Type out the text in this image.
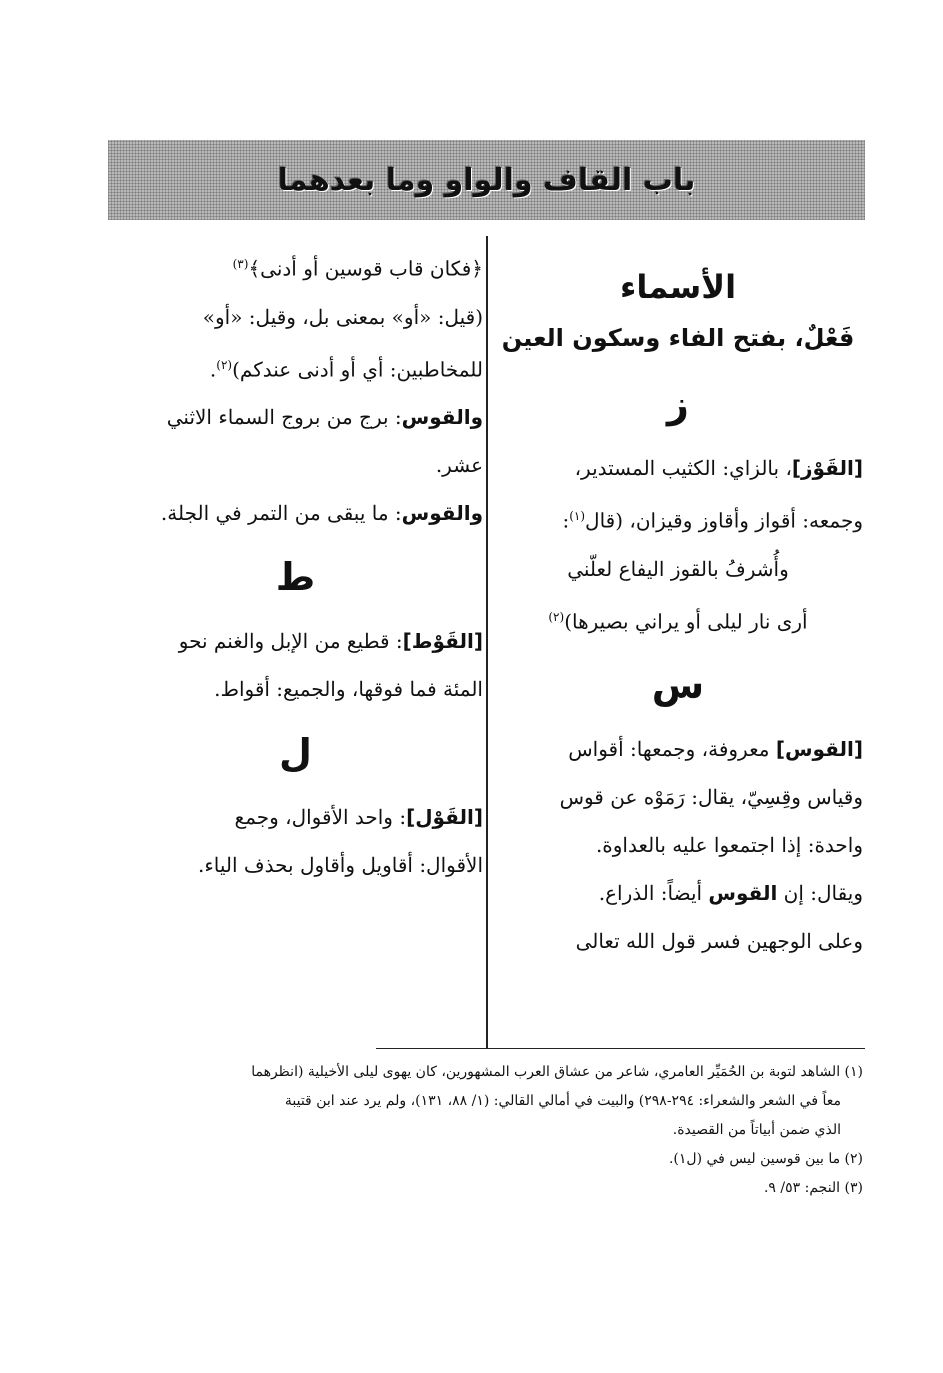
باب القاف والواو وما بعدهما
الأسماء
فَعْلٌ، بفتح الفاء وسكون العين
ز

[القَوْز]، بالزاي: الكثيب المستدير،

وجمعه: أقواز وأقاوز وقيزان، (قال$^{(١)}$:

وأُشرفُ بالقوز اليفاع لعلّني

أرى نار ليلى أو يراني بصيرها)$^{(٢)}$

س

[القوس] معروفة، وجمعها: أقواس

وقياس وقِسِيّ، يقال: رَمَوْه عن قوس

واحدة: إذا اجتمعوا عليه بالعداوة.

ويقال: إن القوس أيضاً: الذراع.

وعلى الوجهين فسر قول الله تعالى

﴿فكان قاب قوسين أو أدنى﴾$^{(٣)}$

(قيل: «أو» بمعنى بل، وقيل: «أو»

للمخاطبين: أي أو أدنى عندكم)$^{(٢)}$.

والقوس: برج من بروج السماء الاثني

عشر.

والقوس: ما يبقى من التمر في الجلة.

ط

[القَوْط]: قطيع من الإبل والغنم نحو

المئة فما فوقها، والجميع: أقواط.

ل

[القَوْل]: واحد الأقوال، وجمع

الأقوال: أقاويل وأقاول بحذف الياء.

(١) الشاهد لتوبة بن الحُمَيِّر العامري، شاعر من عشاق العرب المشهورين، كان يهوى ليلى الأخيلية (انظرهما

معاً في الشعر والشعراء: ٢٩٤-٢٩٨) والبيت في أمالي القالي: (١/ ٨٨، ١٣١)، ولم يرد عند ابن قتيبة

الذي ضمن أبياتاً من القصيدة.

(٢) ما بين قوسين ليس في (ل١).

(٣) النجم: ٥٣/ ٩.
